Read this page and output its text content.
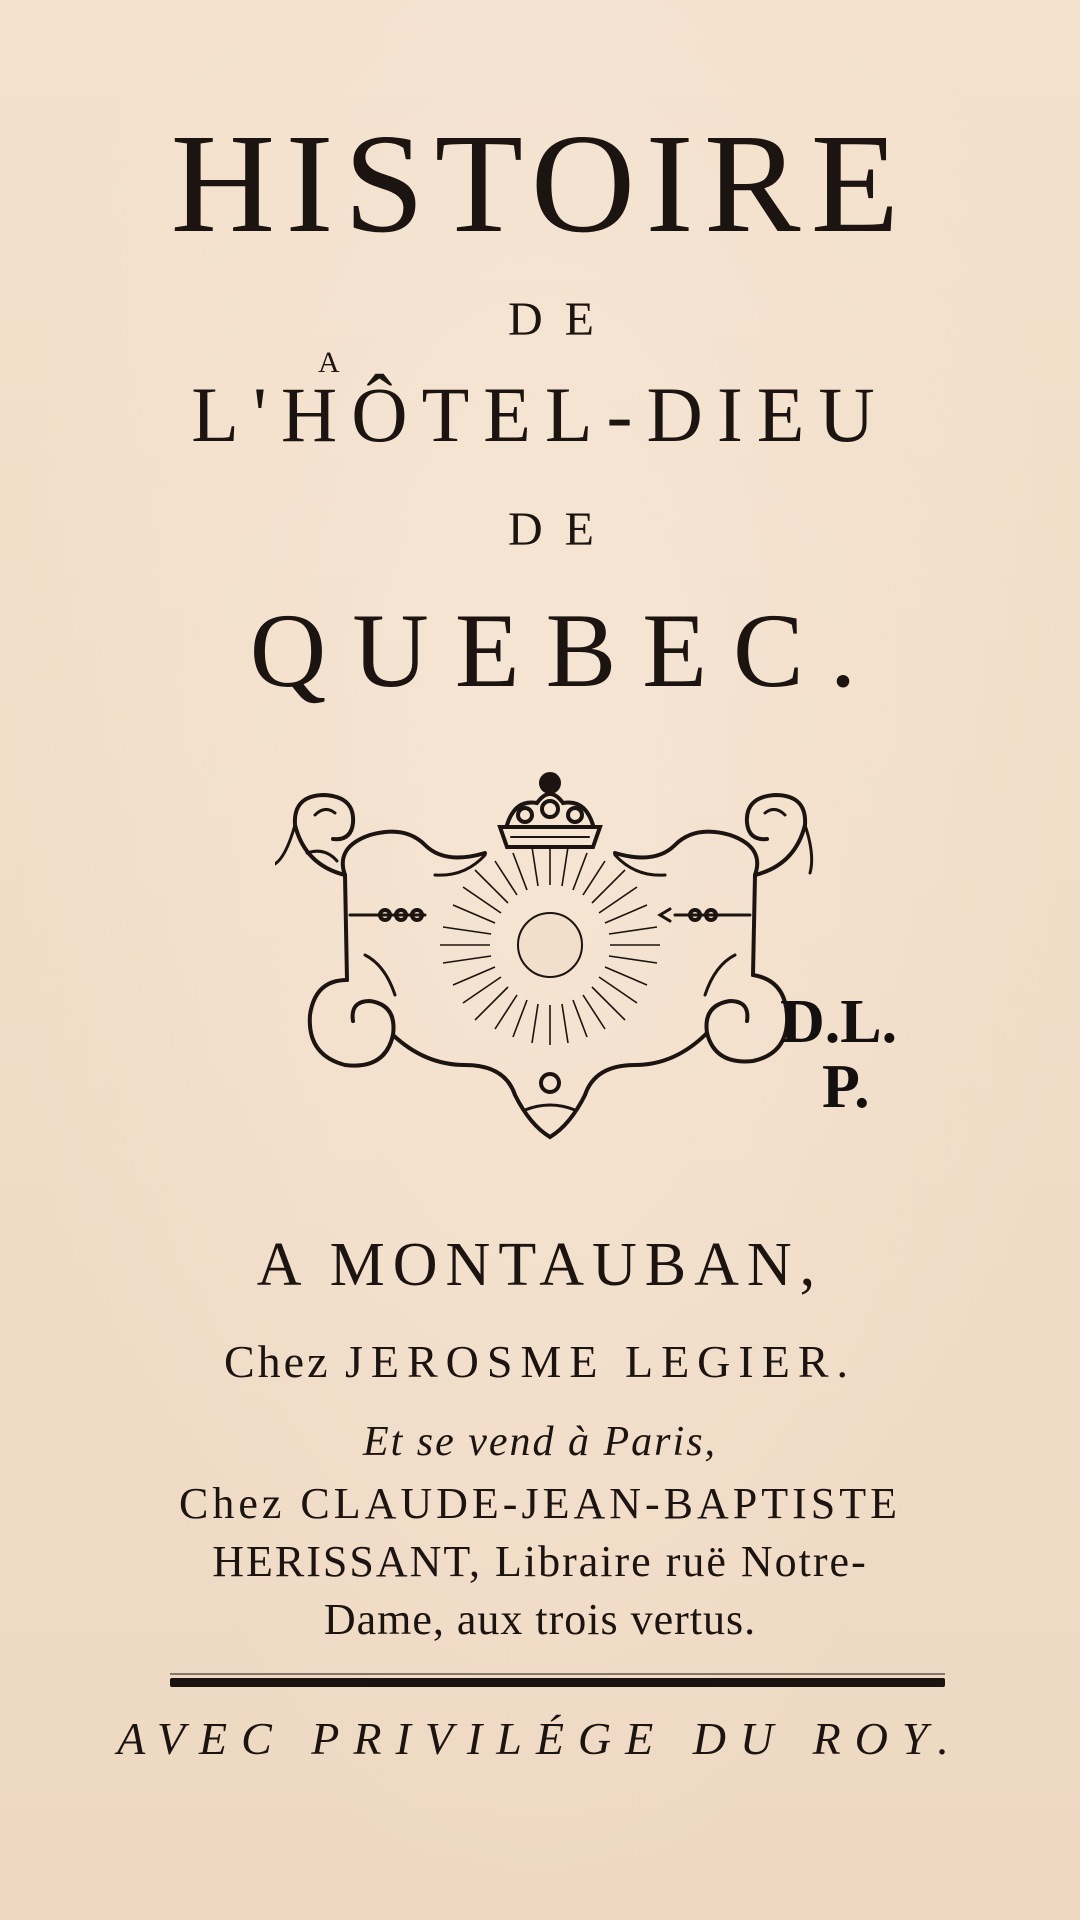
HISTOIRE
DE
A
L'HÔTEL-DIEU
DE
QUEBEC.
D.L.
P.
A MONTAUBAN,
Chez JEROSME LEGIER.
Et se vend à Paris,
Chez CLAUDE-JEAN-BAPTISTE
HERISSANT, Libraire ruë Notre-
Dame, aux trois vertus.
AVEC PRIVILÉGE DU ROY.
